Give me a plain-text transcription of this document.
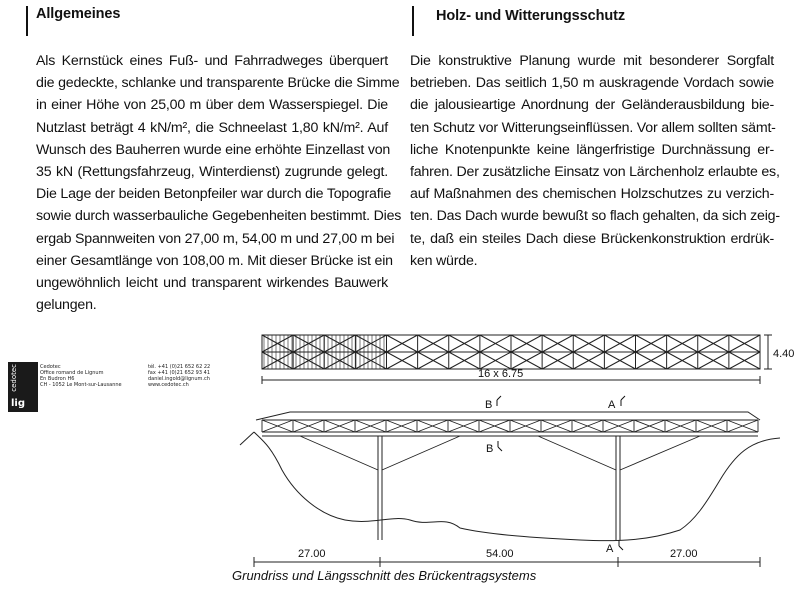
Allgemeines
Als Kernstück eines Fuß- und Fahrradweges überquert
die gedeckte, schlanke und transparente Brücke die Simme
in einer Höhe von 25,00 m über dem Wasserspiegel. Die
Nutzlast beträgt 4 kN/m², die Schneelast 1,80 kN/m². Auf
Wunsch des Bauherren wurde eine erhöhte Einzellast von
35 kN (Rettungsfahrzeug, Winterdienst) zugrunde gelegt.
Die Lage der beiden Betonpfeiler war durch die Topografie
sowie durch wasserbauliche Gegebenheiten bestimmt. Dies
ergab Spannweiten von 27,00 m, 54,00 m und 27,00 m bei
einer Gesamtlänge von 108,00 m. Mit dieser Brücke ist ein
ungewöhnlich leicht und transparent wirkendes Bauwerk
gelungen.
Holz- und Witterungsschutz
Die konstruktive Planung wurde mit besonderer Sorgfalt
betrieben. Das seitlich 1,50 m auskragende Vordach sowie
die jalousieartige Anordnung der Geländerausbildung bie-
ten Schutz vor Witterungseinflüssen. Vor allem sollten sämt-
liche Knotenpunkte keine längerfristige Durchnässung er-
fahren. Der zusätzliche Einsatz von Lärchenholz erlaubte es,
auf Maßnahmen des chemischen Holzschutzes zu verzich-
ten. Das Dach wurde bewußt so flach gehalten, da sich zeig-
te, daß ein steiles Dach diese Brückenkonstruktion erdrük-
ken würde.
cedotec
lig
Cedotec
Office romand de Lignum
En Budron H6
CH - 1052 Le Mont-sur-Lausanne
tél. +41 (0)21 652 62 22
fax +41 (0)21 652 93 41
daniel.ingold@lignum.ch
www.cedotec.ch
4.40
16 x 6.75
B	A
B
A
27.00	54.00	27.00
Grundriss und Längsschnitt des Brückentragsystems
